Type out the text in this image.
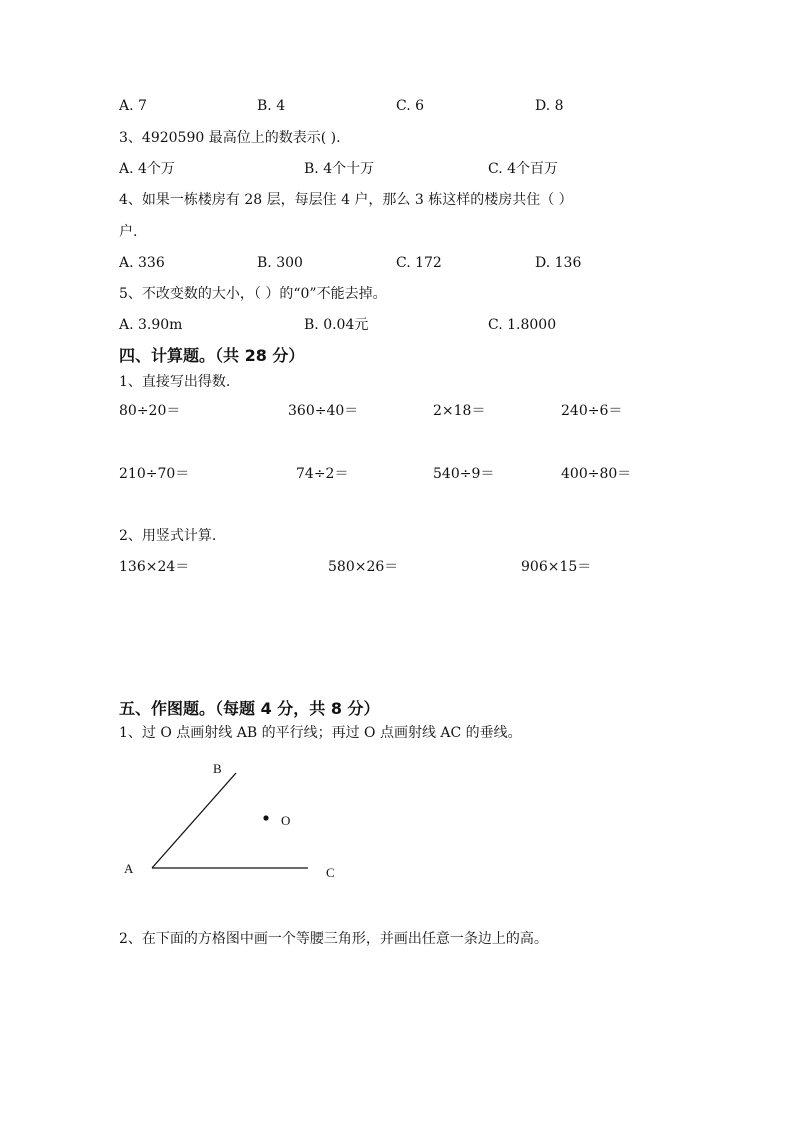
A. 7	B. 4	C. 6	D. 8
3、4920590 最高位上的数表示( ).
A. 4个万	B. 4个十万	C. 4个百万
4、如果一栋楼房有 28 层，每层住 4 户，那么 3 栋这样的楼房共住（ ）
户.
A. 336	B. 300	C. 172	D. 136
5、不改变数的大小，（ ）的“0”不能去掉。
A. 3.90m	B. 0.04元	C. 1.8000
四、计算题。（共 28 分）
1、直接写出得数.
80÷20＝	360÷40＝	2×18＝	240÷6＝
210÷70＝	74÷2＝	540÷9＝	400÷80＝
2、用竖式计算.
136×24＝	580×26＝	906×15＝
五、作图题。（每题 4 分，共 8 分）
1、过 O 点画射线 AB 的平行线；再过 O 点画射线 AC 的垂线。
B
O
A	C
2、在下面的方格图中画一个等腰三角形，并画出任意一条边上的高。
